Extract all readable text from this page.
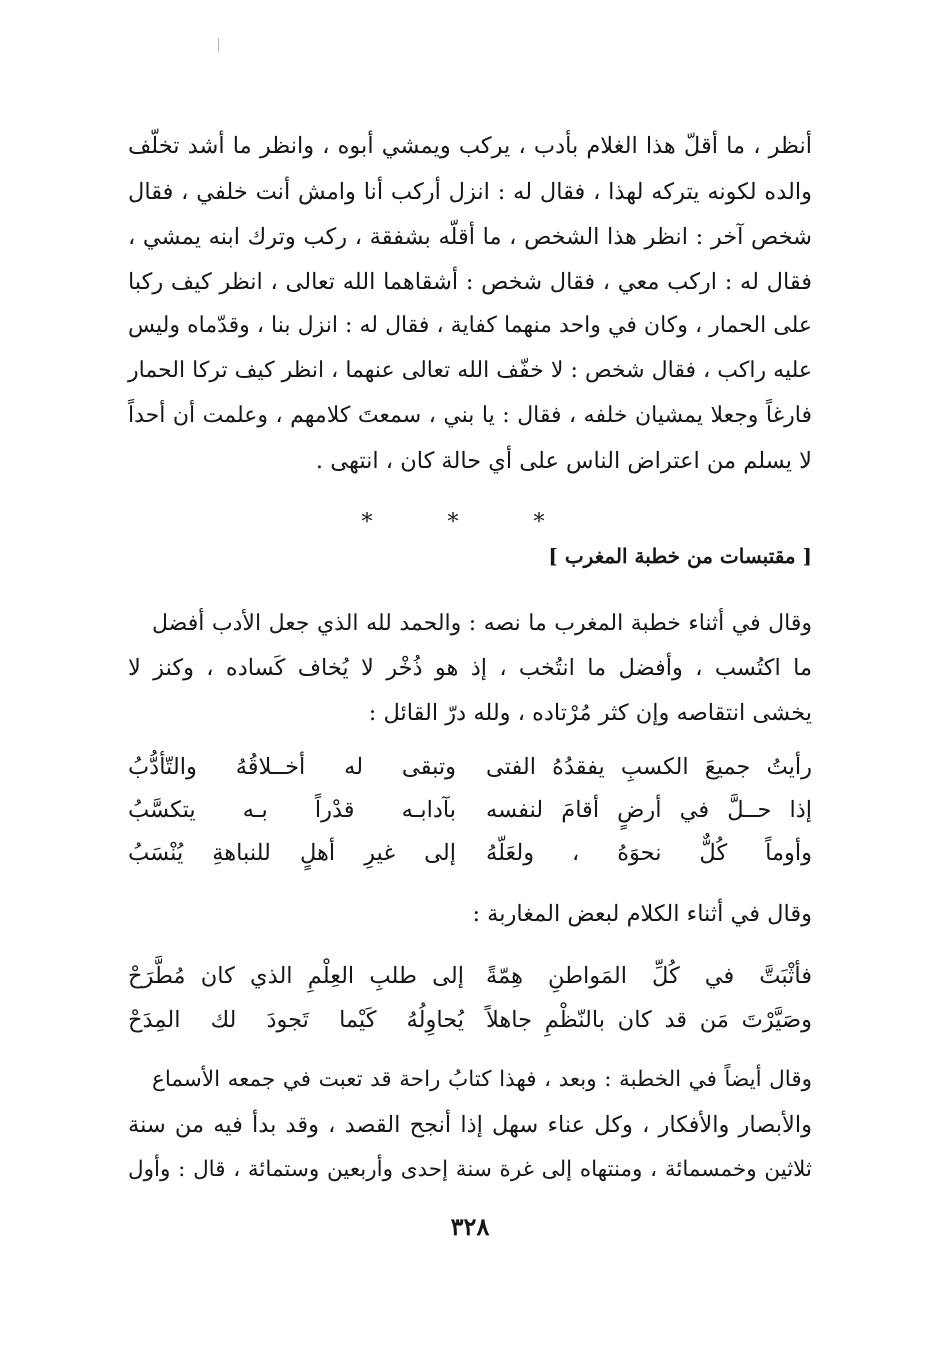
أنظر ، ما أقلّ هذا الغلام بأدب ، يركب ويمشي أبوه ، وانظر ما أشد تخلّف
والده لكونه يتركه لهذا ، فقال له : انزل أركب أنا وامش أنت خلفي ، فقال
شخص آخر : انظر هذا الشخص ، ما أقلّه بشفقة ، ركب وترك ابنه يمشي ،
فقال له : اركب معي ، فقال شخص : أشقاهما الله تعالى ، انظر كيف ركبا
على الحمار ، وكان في واحد منهما كفاية ، فقال له : انزل بنا ، وقدّماه وليس
عليه راكب ، فقال شخص : لا خفّف الله تعالى عنهما ، انظر كيف تركا الحمار
فارغاً وجعلا يمشيان خلفه ، فقال : يا بني ، سمعتَ كلامهم ، وعلمت أن أحداً
لا يسلم من اعتراض الناس على أي حالة كان ، انتهى .
* * *
[ مقتبسات من خطبة المغرب ]
وقال في أثناء خطبة المغرب ما نصه : والحمد لله الذي جعل الأدب أفضل
ما اكتُسب ، وأفضل ما انتُخب ، إذ هو ذُخْر لا يُخاف كَساده ، وكنز لا
يخشى انتقاصه وإن كثر مُرْتاده ، ولله درّ القائل :
رأيتُ جميعَ الكسبِ يفقدُهُ الفتى
وتبقى له أخــلاقُهُ والتّأدُّبُ
إذا حــلَّ في أرضٍ أقامَ لنفسه
بآدابـه قدْراً بـه يتكسَّبُ
وأوماً كُلٌّ نحوَهُ ، ولعَلّهُ
إلى غيرِ أهلٍ للنباهةِ يُنْسَبُ
وقال في أثناء الكلام لبعض المغاربة :
فأثْبَتَّ في كُلِّ المَواطنِ هِمّةً
إلى طلبِ العِلْمِ الذي كان مُطَّرَحْ
وصَيَّرْتَ مَن قد كان بالنّظْمِ جاهلاً
يُحاوِلُهُ كَيْما تَجودَ لك المِدَحْ
وقال أيضاً في الخطبة : وبعد ، فهذا كتابُ راحة قد تعبت في جمعه الأسماع
والأبصار والأفكار ، وكل عناء سهل إذا أنجح القصد ، وقد بدأ فيه من سنة
ثلاثين وخمسمائة ، ومنتهاه إلى غرة سنة إحدى وأربعين وستمائة ، قال : وأول
٣٢٨
